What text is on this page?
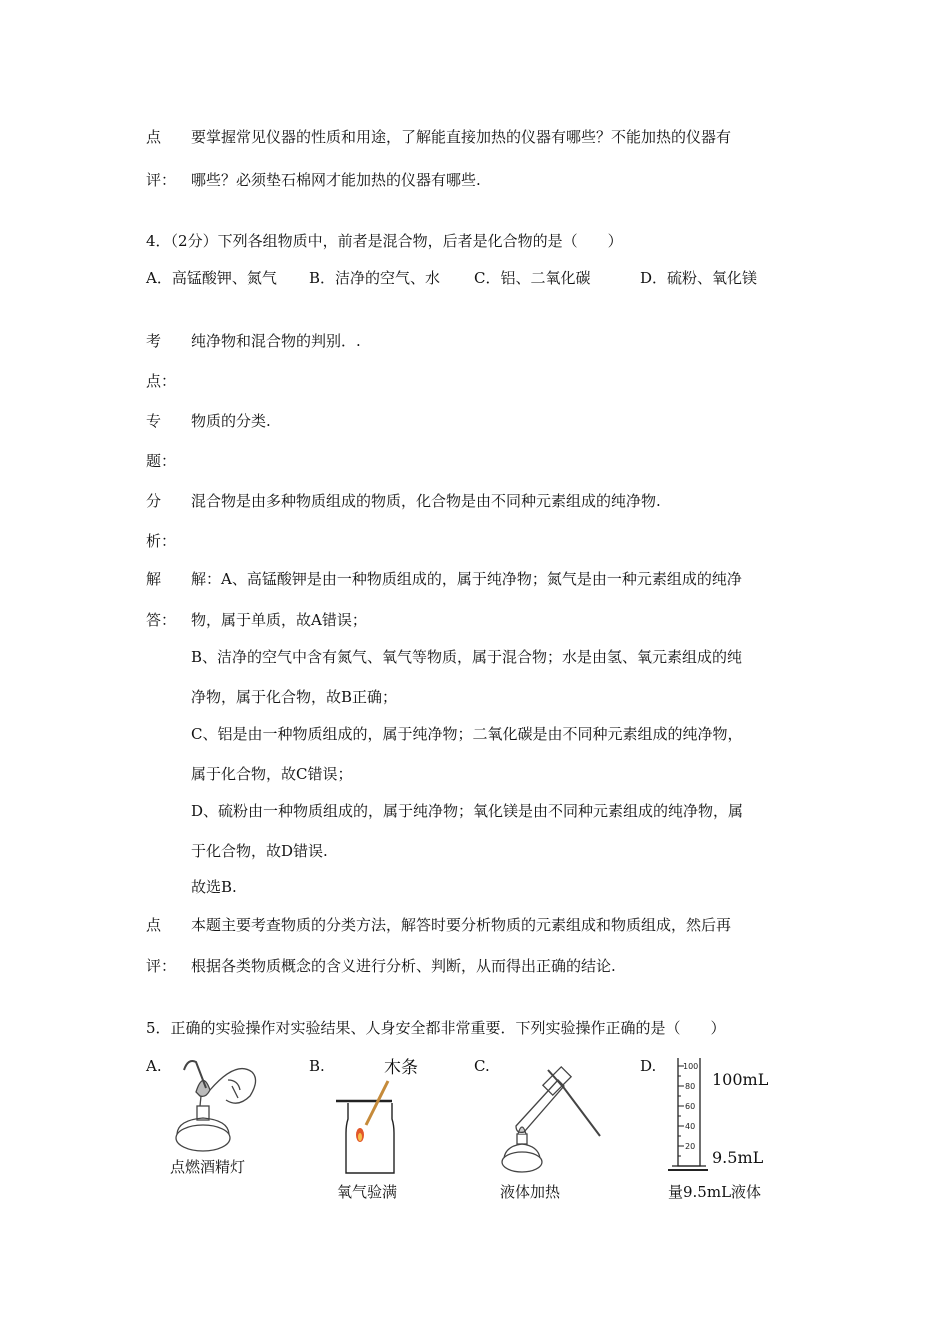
点 要掌握常见仪器的性质和用途，了解能直接加热的仪器有哪些？不能加热的仪器有
评： 哪些？必须垫石棉网才能加热的仪器有哪些.
4．（2分）下列各组物质中，前者是混合物，后者是化合物的是（　　）
A．高锰酸钾、氮气 B．洁净的空气、水 C．铝、二氧化碳	D．硫粉、氧化镁
考 纯净物和混合物的判别．.
点：
专 物质的分类.
题：
分 混合物是由多种物质组成的物质，化合物是由不同种元素组成的纯净物.
析：
解
答：
解：A、高锰酸钾是由一种物质组成的，属于纯净物；氮气是由一种元素组成的纯净
物，属于单质，故A错误；
B、洁净的空气中含有氮气、氧气等物质，属于混合物；水是由氢、氧元素组成的纯
净物，属于化合物，故B正确；
C、铝是由一种物质组成的，属于纯净物；二氧化碳是由不同种元素组成的纯净物，
属于化合物，故C错误；
D、硫粉由一种物质组成的，属于纯净物；氧化镁是由不同种元素组成的纯净物，属
于化合物，故D错误.
故选B.
点 本题主要考查物质的分类方法，解答时要分析物质的元素组成和物质组成，然后再
评： 根据各类物质概念的含义进行分析、判断，从而得出正确的结论.
5．正确的实验操作对实验结果、人身安全都非常重要．下列实验操作正确的是（　　）
A.
点燃酒精灯
B.	木条
氧气验满
C.
液体加热
D.	100
80
60
40
20
100mL
9.5mL
量9.5mL液体
